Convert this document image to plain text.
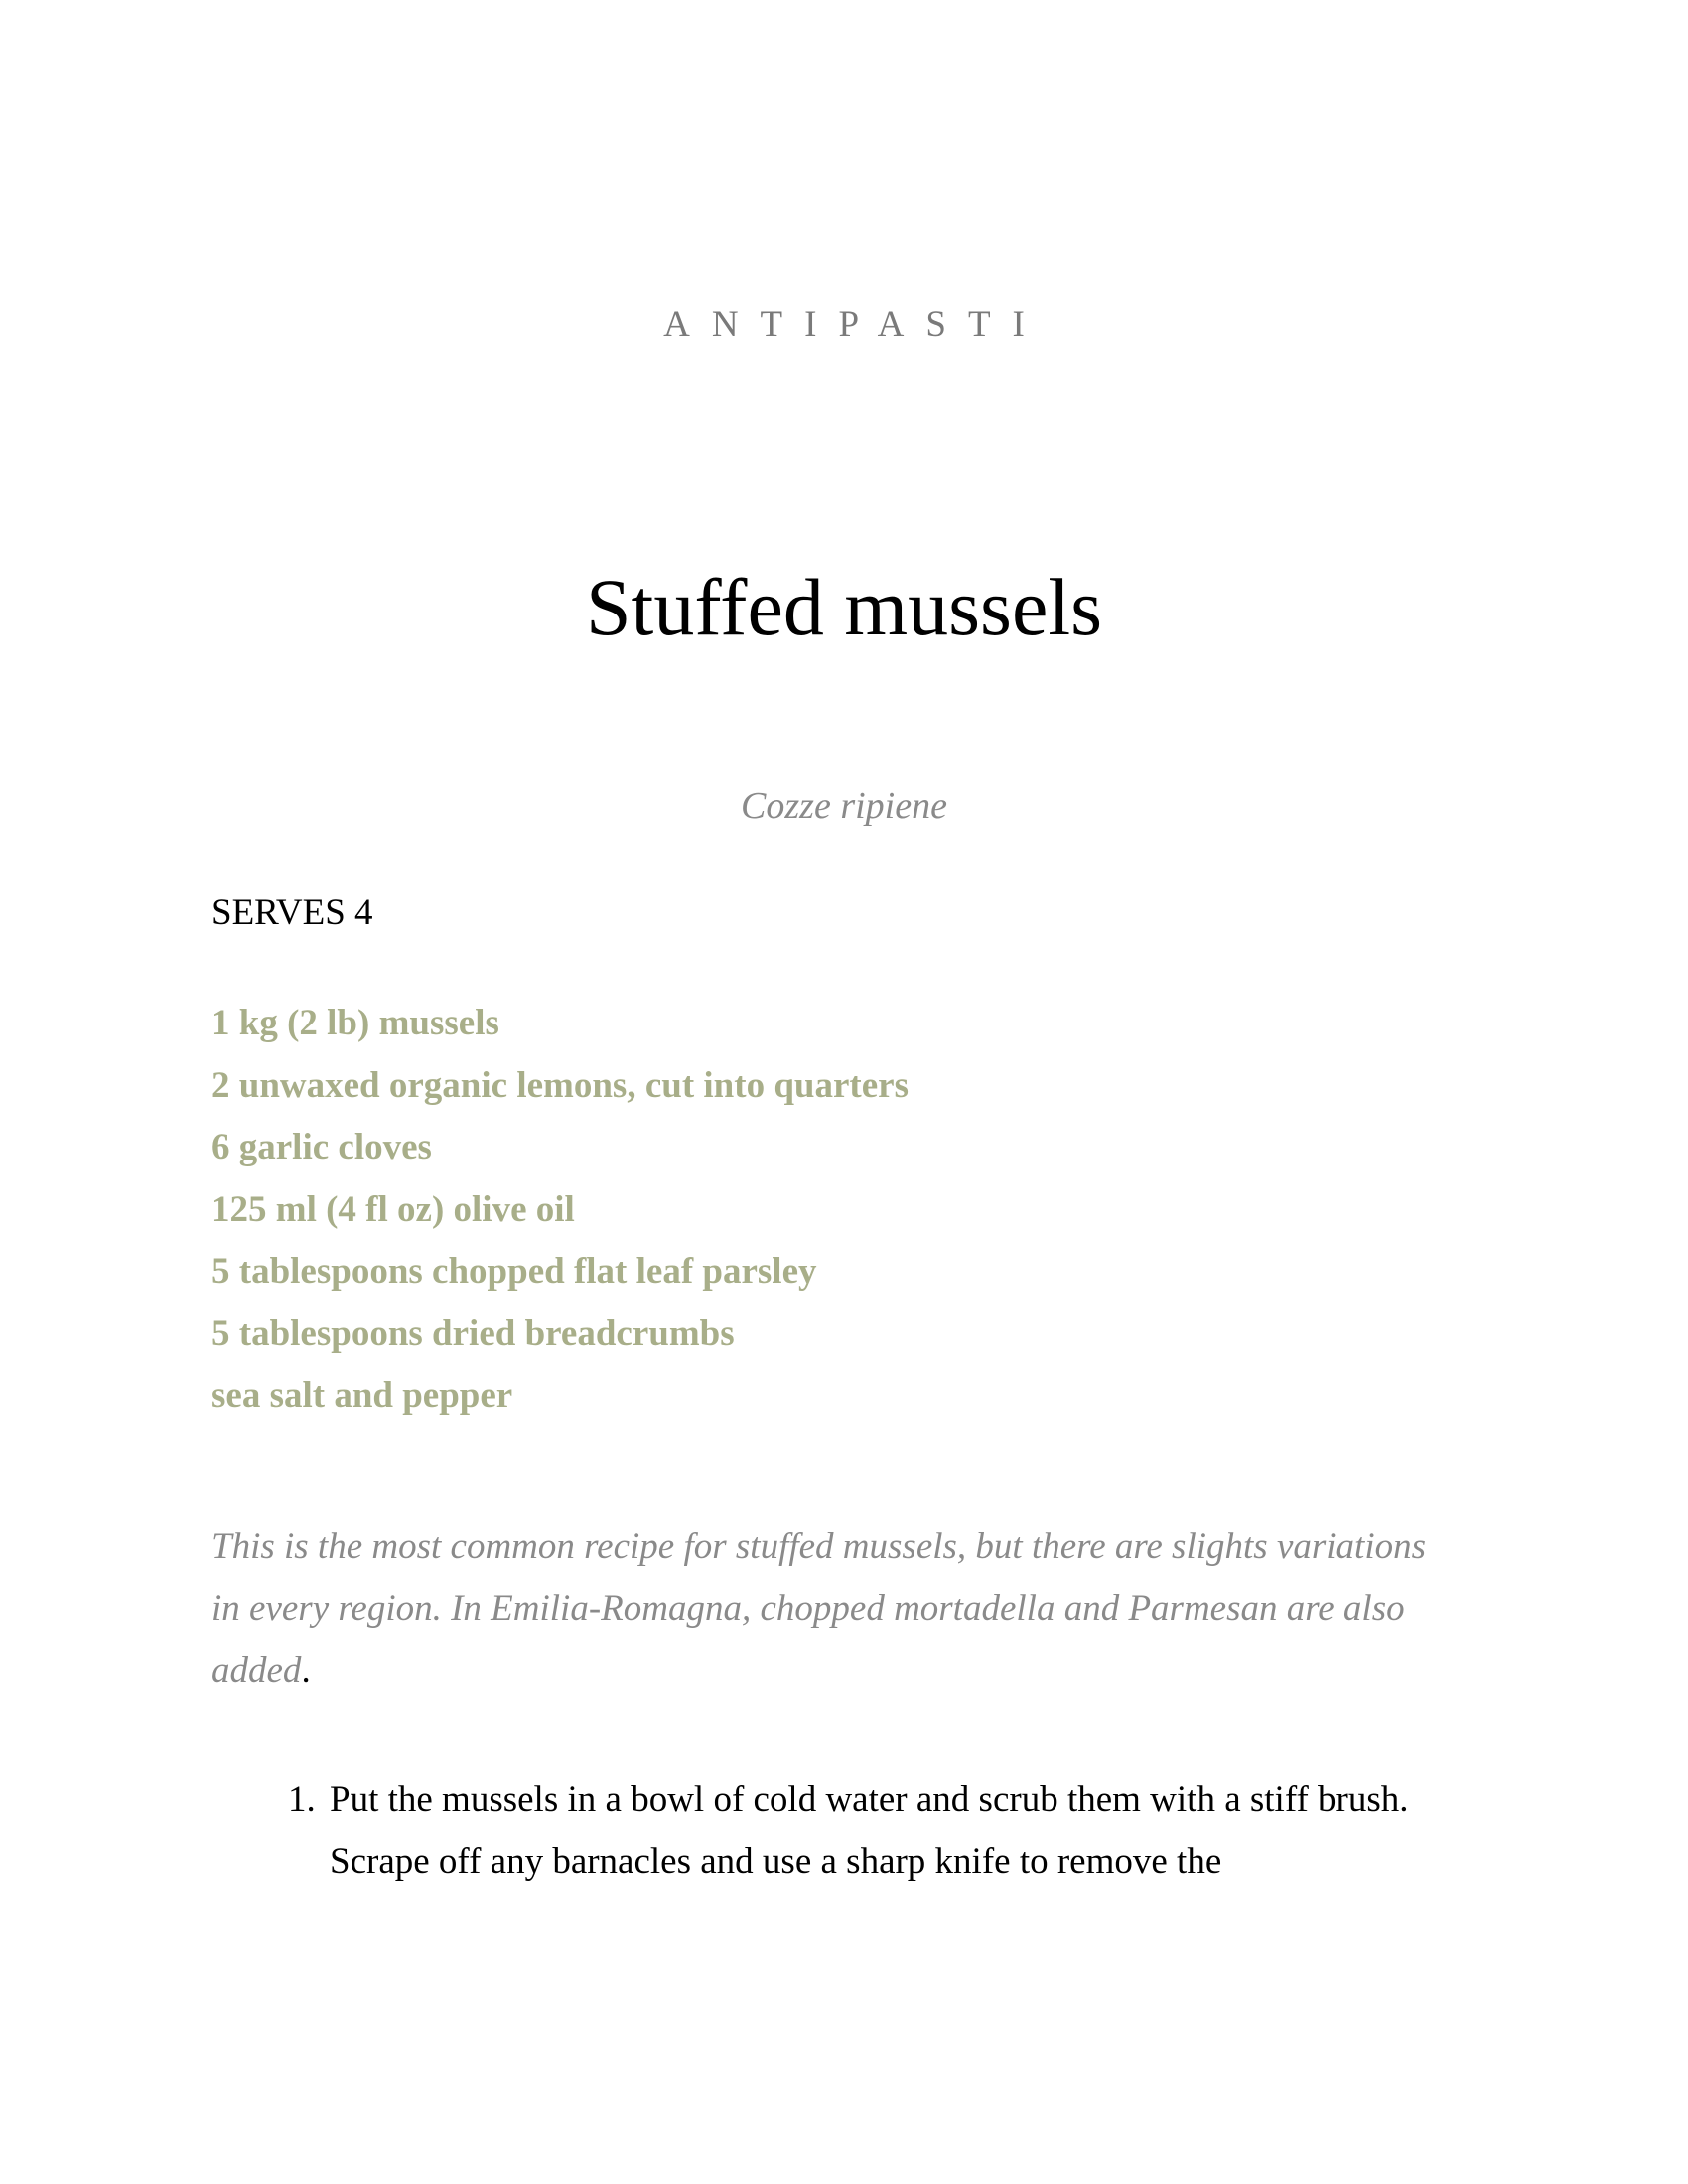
ANTIPASTI
Stuffed mussels
Cozze ripiene
SERVES 4
1 kg (2 lb) mussels
2 unwaxed organic lemons, cut into quarters
6 garlic cloves
125 ml (4 fl oz) olive oil
5 tablespoons chopped flat leaf parsley
5 tablespoons dried breadcrumbs
sea salt and pepper

This is the most common recipe for stuffed mussels, but there are slights variations in every region. In Emilia-Romagna, chopped mortadella and Parmesan are also added.

1. Put the mussels in a bowl of cold water and scrub them with a stiff brush. Scrape off any barnacles and use a sharp knife to remove the
